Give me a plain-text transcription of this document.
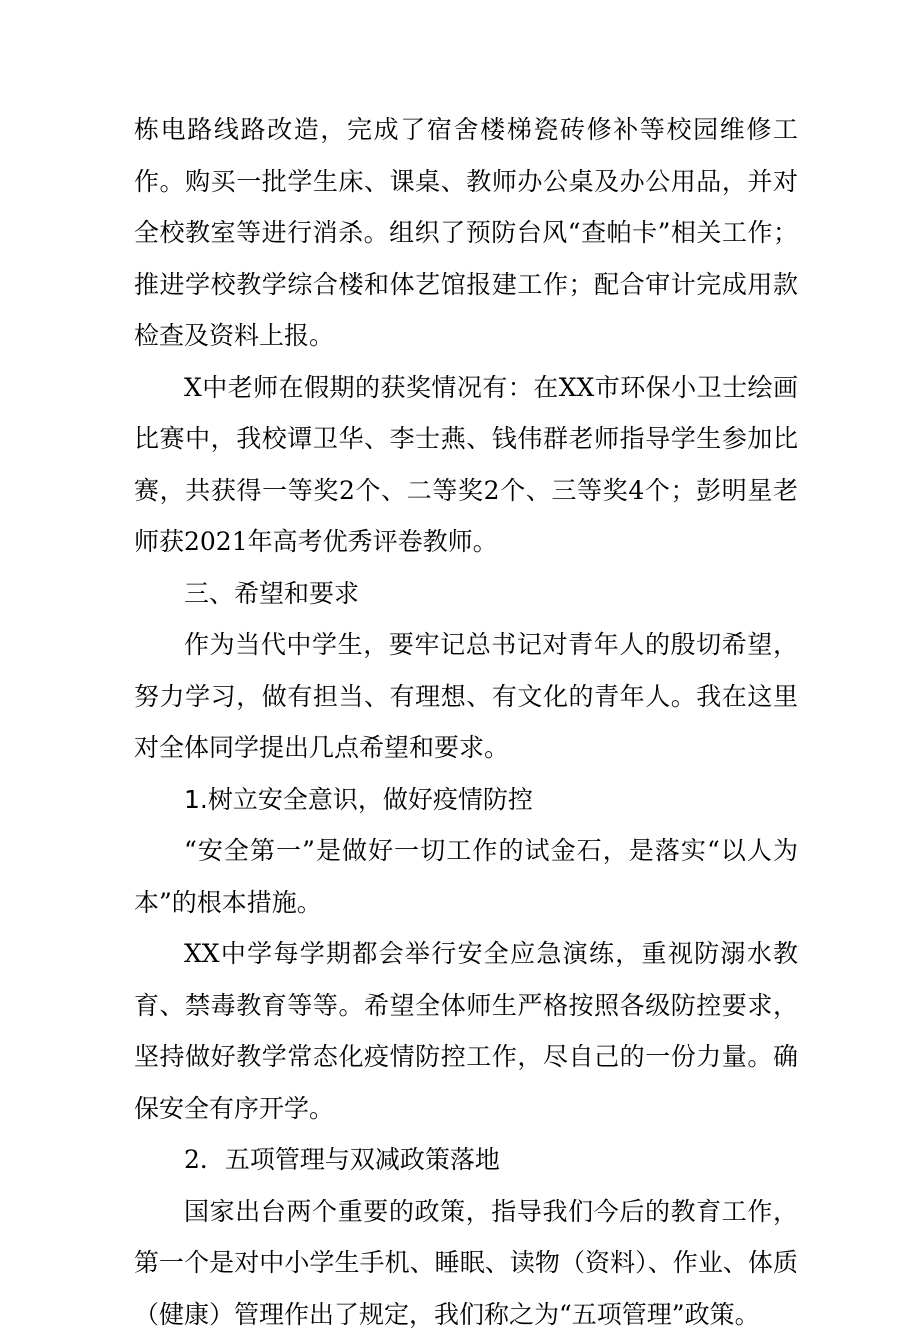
栋电路线路改造，完成了宿舍楼梯瓷砖修补等校园维修工作。购买一批学生床、课桌、教师办公桌及办公用品，并对全校教室等进行消杀。组织了预防台风“查帕卡”相关工作；推进学校教学综合楼和体艺馆报建工作；配合审计完成用款检查及资料上报。

X中老师在假期的获奖情况有：在XX市环保小卫士绘画比赛中，我校谭卫华、李士燕、钱伟群老师指导学生参加比赛，共获得一等奖2个、二等奖2个、三等奖4个；彭明星老师获2021年高考优秀评卷教师。

三、希望和要求

作为当代中学生，要牢记总书记对青年人的殷切希望，努力学习，做有担当、有理想、有文化的青年人。我在这里对全体同学提出几点希望和要求。

1.树立安全意识，做好疫情防控

“安全第一”是做好一切工作的试金石，是落实“以人为本”的根本措施。

XX中学每学期都会举行安全应急演练，重视防溺水教育、禁毒教育等等。希望全体师生严格按照各级防控要求，坚持做好教学常态化疫情防控工作，尽自己的一份力量。确保安全有序开学。

2．五项管理与双减政策落地

国家出台两个重要的政策，指导我们今后的教育工作，第一个是对中小学生手机、睡眠、读物（资料）、作业、体质（健康）管理作出了规定，我们称之为“五项管理”政策。
